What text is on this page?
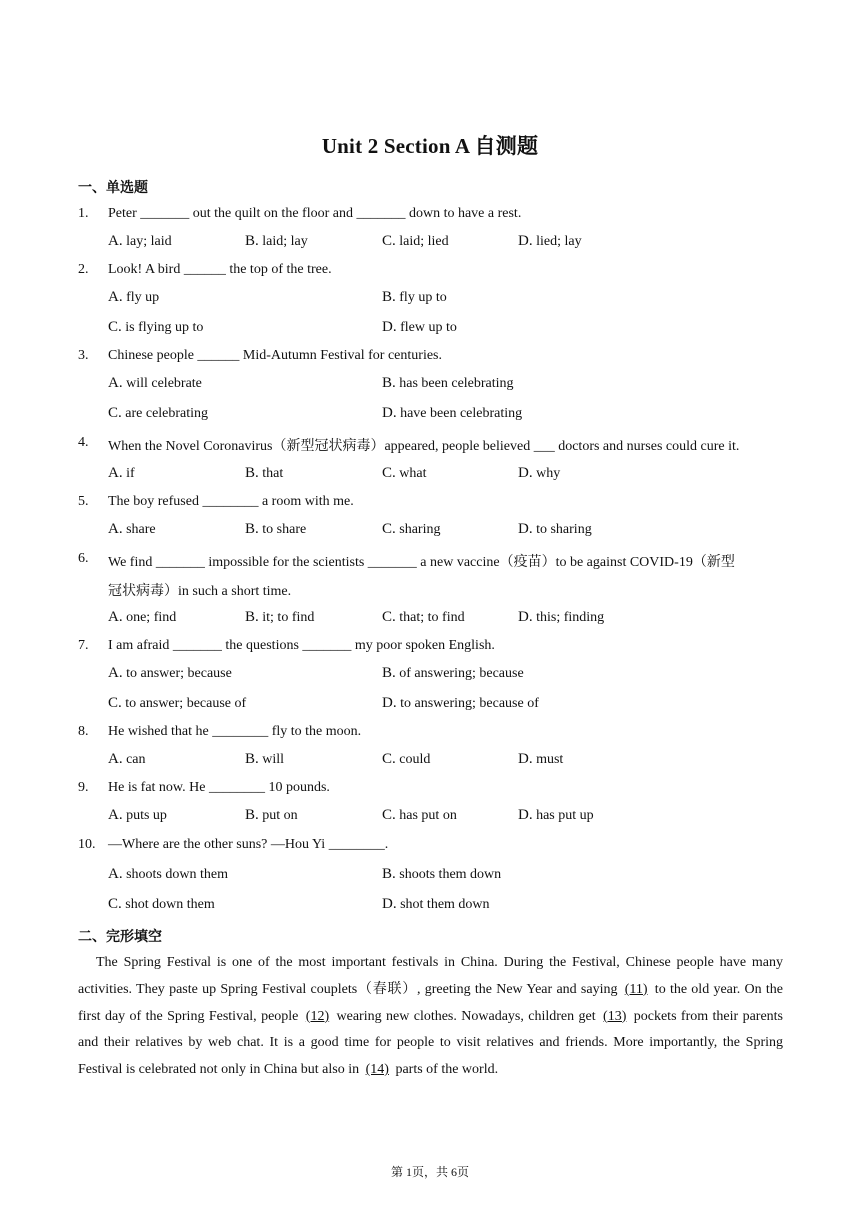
Unit 2 Section A 自测题
一、单选题
1. Peter _______ out the quilt on the floor and _______ down to have a rest.
A. lay; laid	B. laid; lay	C. laid; lied	D. lied; lay
2. Look! A bird ______ the top of the tree.
A. fly up	B. fly up to
C. is flying up to	D. flew up to
3. Chinese people ______ Mid-Autumn Festival for centuries.
A. will celebrate	B. has been celebrating
C. are celebrating	D. have been celebrating
4. When the Novel Coronavirus（新型冠状病毒）appeared, people believed ___ doctors and nurses could cure it.
A. if	B. that	C. what	D. why
5. The boy refused ________ a room with me.
A. share	B. to share	C. sharing	D. to sharing
6. We find _______ impossible for the scientists _______ a new vaccine（疫苗）to be against COVID-19（新型
冠状病毒）in such a short time.
A. one; find	B. it; to find	C. that; to find	D. this; finding
7. I am afraid _______ the questions _______ my poor spoken English.
A. to answer; because	B. of answering; because
C. to answer; because of	D. to answering; because of
8. He wished that he ________ fly to the moon.
A. can	B. will	C. could	D. must
9. He is fat now. He ________ 10 pounds.
A. puts up	B. put on	C. has put on	D. has put up
10. —Where are the other suns? —Hou Yi ________.
A. shoots down them	B. shoots them down
C. shot down them	D. shot them down
二、完形填空
The Spring Festival is one of the most important festivals in China. During the Festival, Chinese people have many activities. They paste up Spring Festival couplets（春联）, greeting the New Year and saying (11) to the old year. On the first day of the Spring Festival, people (12) wearing new clothes. Nowadays, children get (13) pockets from their parents and their relatives by web chat. It is a good time for people to visit relatives and friends. More importantly, the Spring Festival is celebrated not only in China but also in (14) parts of the world.
第 1页，共 6页
